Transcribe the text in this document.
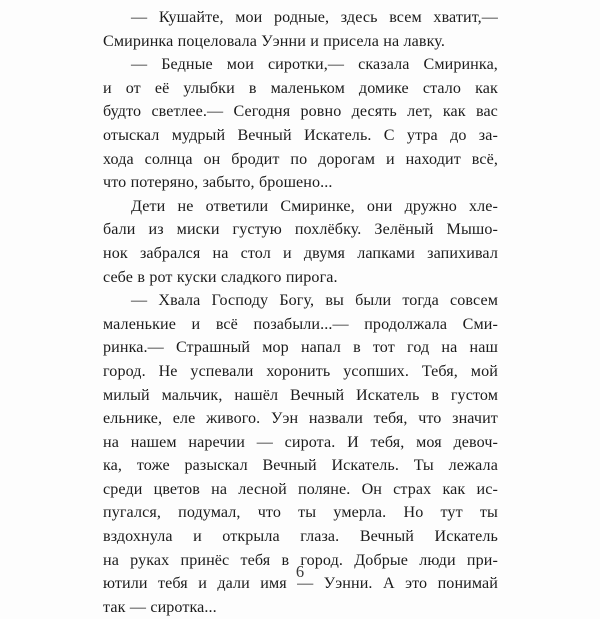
— Кушайте, мои родные, здесь всем хватит,—
Смиринка поцеловала Уэнни и присела на лавку.

— Бедные мои сиротки,— сказала Смиринка,
и от её улыбки в маленьком домике стало как
будто светлее.— Сегодня ровно десять лет, как вас
отыскал мудрый Вечный Искатель. С утра до за-
хода солнца он бродит по дорогам и находит всё,
что потеряно, забыто, брошено...

Дети не ответили Смиринке, они дружно хле-
бали из миски густую похлёбку. Зелёный Мышо-
нок забрался на стол и двумя лапками запихивал
себе в рот куски сладкого пирога.

— Хвала Господу Богу, вы были тогда совсем
маленькие и всё позабыли...— продолжала Сми-
ринка.— Страшный мор напал в тот год на наш
город. Не успевали хоронить усопших. Тебя, мой
милый мальчик, нашёл Вечный Искатель в густом
ельнике, еле живого. Уэн назвали тебя, что значит
на нашем наречии — сирота. И тебя, моя девоч-
ка, тоже разыскал Вечный Искатель. Ты лежала
среди цветов на лесной поляне. Он страх как ис-
пугался, подумал, что ты умерла. Но тут ты
вздохнула и открыла глаза. Вечный Искатель
на руках принёс тебя в город. Добрые люди при-
ютили тебя и дали имя — Уэнни. А это понимай
так — сиротка...

6
